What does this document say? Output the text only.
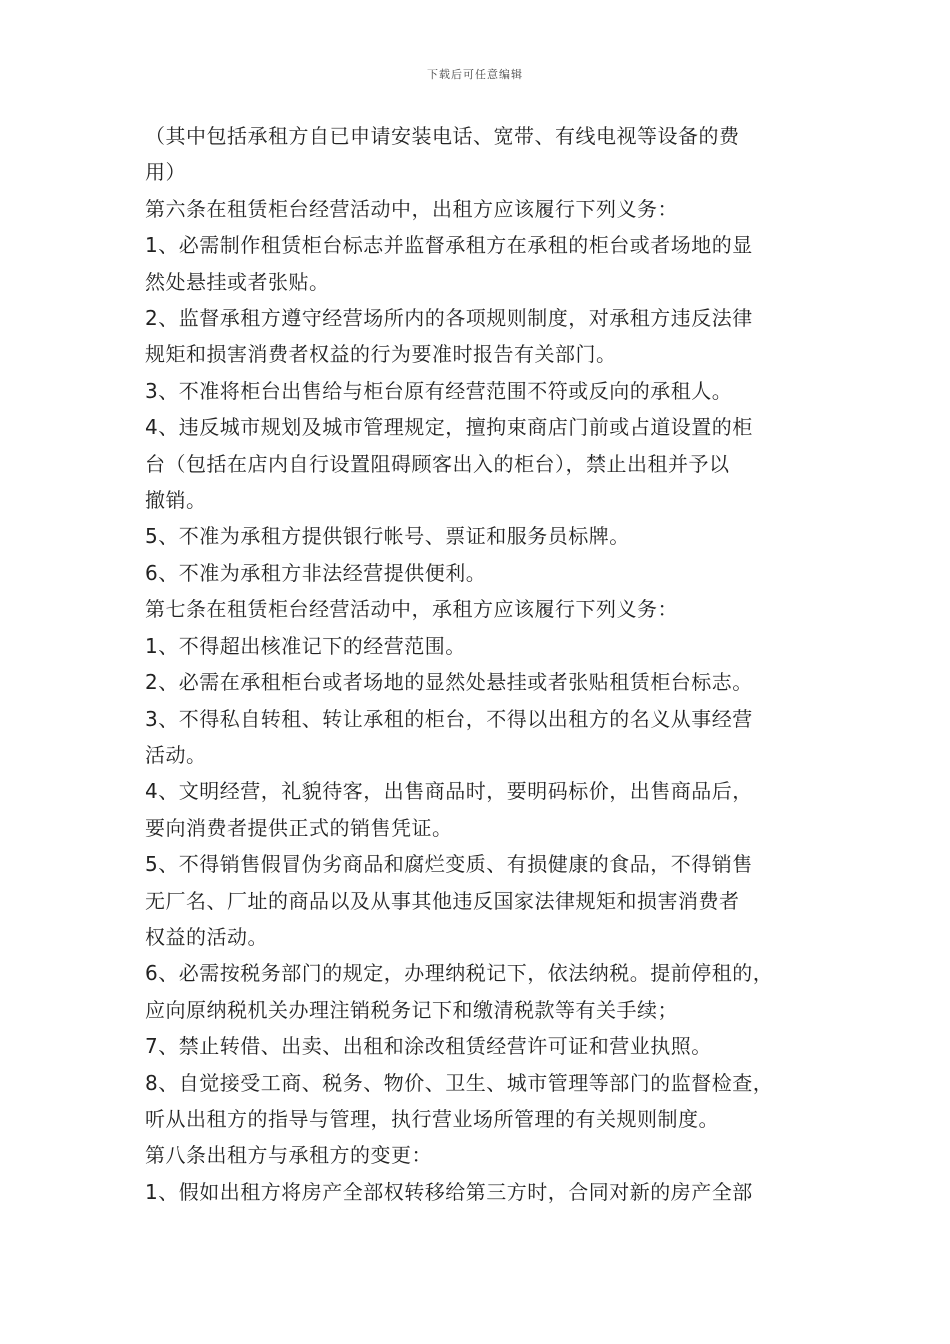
下载后可任意编辑
（其中包括承租方自已申请安装电话、宽带、有线电视等设备的费
用）
第六条在租赁柜台经营活动中，出租方应该履行下列义务：
1、必需制作租赁柜台标志并监督承租方在承租的柜台或者场地的显
然处悬挂或者张贴。
2、监督承租方遵守经营场所内的各项规则制度，对承租方违反法律
规矩和损害消费者权益的行为要准时报告有关部门。
3、不准将柜台出售给与柜台原有经营范围不符或反向的承租人。
4、违反城市规划及城市管理规定，擅拘束商店门前或占道设置的柜
台（包括在店内自行设置阻碍顾客出入的柜台），禁止出租并予以
撤销。
5、不准为承租方提供银行帐号、票证和服务员标牌。
6、不准为承租方非法经营提供便利。
第七条在租赁柜台经营活动中，承租方应该履行下列义务：
1、不得超出核准记下的经营范围。
2、必需在承租柜台或者场地的显然处悬挂或者张贴租赁柜台标志。
3、不得私自转租、转让承租的柜台，不得以出租方的名义从事经营
活动。
4、文明经营，礼貌待客，出售商品时，要明码标价，出售商品后，
要向消费者提供正式的销售凭证。
5、不得销售假冒伪劣商品和腐烂变质、有损健康的食品，不得销售
无厂名、厂址的商品以及从事其他违反国家法律规矩和损害消费者
权益的活动。
6、必需按税务部门的规定，办理纳税记下，依法纳税。提前停租的，
应向原纳税机关办理注销税务记下和缴清税款等有关手续；
7、禁止转借、出卖、出租和涂改租赁经营许可证和营业执照。
8、自觉接受工商、税务、物价、卫生、城市管理等部门的监督检查，
听从出租方的指导与管理，执行营业场所管理的有关规则制度。
第八条出租方与承租方的变更：
1、假如出租方将房产全部权转移给第三方时，合同对新的房产全部
